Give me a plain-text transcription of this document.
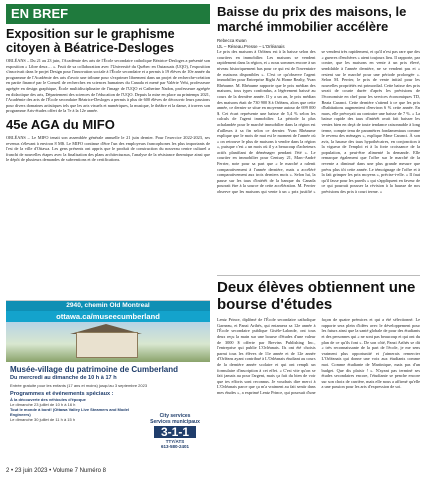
EN BREF
Exposition sur le graphisme citoyen à Béatrice-Desloges

ORLÉANS – Du 21 au 23 juin, l'Académie des arts de l'École secondaire catholique Béatrice-Desloges a présenté son exposition « Libre deux… ». Fruit de sa collaboration avec l'Université du Québec en Outaouais (UQO), l'exposition s'inscrivait dans le projet Design pour l'innovation sociale à l'École secondaire et a permis à 19 élèves de 10e année du programme de l'Académie des arts d'avoir une tribune pour s'exprimer librement dans un projet de recherche-création en partie financé par le Conseil de recherches en sciences humaines du Canada et mené par Valérie Vehi, professeure agrégée en design graphique, École multidisciplinaire de l'image de l'UQO et Catherine Nadon, professeure agrégée en didactique des arts, Département des sciences de l'éducation de l'UQO. Depuis la mise en place au printemps 2021, l'Académie des arts de l'École secondaire Béatrice-Desloges a permis à plus de 600 élèves de découvrir leurs passions pour divers domaines artistiques tels que les arts visuels et numériques, la musique, le théâtre et la danse, à travers son programme Arts-études offert de la 7e à la 12e année.

45e AGA du MIFO

ORLÉANS – Le MIFO tenait son assemblée générale annuelle le 21 juin dernier. Pour l'exercice 2022-2023, ses revenus s'élevant à environ 8 M$. Le MIFO continue d'être l'un des employeurs francophones les plus importants de l'est de la ville d'Ottawa. Les gens présents ont appris que le produit de construction du nouveau centre culturel a franchi de nouvelles étapes avec la finalisation des plans architecturaux, l'analyse de la résistance thermique ainsi que le dépôt de plusieurs demandes de subventions et de certifications.

2940, chemin Old Montreal
ottawa.ca/museecumberland
Musée-village du patrimoine de Cumberland
Du mercredi au dimanche de 10 h à 17 h
Entrée gratuite pour les enfants (17 ans et moins) jusqu'au 3 septembre 2023
Programmes et événements spéciaux :
À la découverte des véhicules d'époque
Le dimanche 23 juillet de 10 h à 16 h
Tout le monde à bord! (Ottawa Valley Live Steamers and Model Engineers)
Le dimanche 30 juillet de 11 h à 15 h
City services
Services municipaux
3-1-1
TTY/ATS
613-580-2401
Baisse du prix des maisons, le marché immobilier accélère

Rebecca Kwan

IJL – Réseau.Presse – L'Orléanais

Le prix des maisons à Orléans est à la baisse selon des courtiers en immobilier. Les maisons se vendent rapidement dans la région, et « nous sommes encore à un niveau historiquement bas pour ce qui est de l'inventaire de maisons disponibles ». C'est ce qu'observe l'agent immobilier pour Entreprise Right At Home Realty, Yvan Rhéaume. M. Rhéaume rapporte que le prix médian des maisons, tous types confondus, a légèrement baissé au cours de la dernière année. Il y a un an, le prix médian des maisons était de 730 900 $ à Orléans, alors que cette année, ce dernier se situe en moyenne autour de 699 000 $. Cet écart représente une baisse de 5,4 % selon les calculs de l'agent immobilier. La période la plus achalandée pour le marché immobilier dans la région est d'ailleurs à sa fin selon ce dernier. Yvan Rhéaume explique que le mois de mai est le moment de l'année où « on retrouve le plus de maisons à vendre dans la région », puisque c'est « un mois où il y a beaucoup d'acheteurs actifs planifiant de déménager pendant l'été ». Le courtier en immobilier pour Century 21, Marc-André Ferrier, note pour sa part que « le marché a ralenti comparativement à l'année dernière, mais a accéléré comparativement aux trois derniers mois ». Selon lui, la pause sur les taux d'intérêt de la banque du Canada pourrait être à la source de cette accélération. M. Ferrier observe que les maisons qui vente à un « prix justifié » se vendent très rapidement, et qu'il n'est pas rare que des « guerres d'enchères » aient toujours lieu. Il rapporte, par contre, que les maisons en vente à un prix élevé, semblable à l'année dernière, ne se vendent pas et « restent sur le marché pour une période prolongée ». Selon M. Perrier, le prix de vente initial pour les nouvelles propriétés est primordial. Cette baisse des prix serait de courte durée d'après les prévisions de l'économiste en chef pour les services économiques TD, Beata Caranci. Cette dernière s'attend à ce que les prix d'habitations augmentent d'environ 6 % cette année. En mars, elle prévoyait au contraire une baisse de 7 %. « La baisse rapide des taux d'intérêt avait fait baisser les ventes bien en deçà de toute tendance raisonnable à long terme, compte tenu de paramètres fondamentaux comme le revenu des ménages », explique Mme Caranci. À son avis, la hausse des taux hypothécaires, en conjonction à la vigueur de l'emploi et à la forte croissance de la population, a peut-être alimenté la demande. Elle remarque également que l'offre sur le marché de la revente a diminué dans une plus grande mesure que prévu plus tôt cette année. Le témoignage de l'offre et à la fait grimper les prix moyens », précise-t-elle. « Il faut qu'il fasse pour les pareils » qui s'appliquent en faveur de ce qui pourrait pousser la révision à la hausse de nos prévisions des prix à court terme. »

Deux élèves obtiennent une bourse d'études

Lentz Prince, diplômé de l'École secondaire catholique Garneau, et Panzi Arthés, qui entamera sa 12e année à l'École secondaire publique Gisèle-Lalonde, ont tous deux reçu la main sur une bourse d'études d'une valeur de 3000 $ offerte par Brevins Publishing Inc., l'entreprise qui publie L'Orléanais. Ils ont été choisis parmi tous les élèves de 11e année et de 12e année d'Orléans ayant contribué à L'Orléanais étudiant au cours de la dernière année scolaire et qui ont rempli un formulaire d'inscription à cet effet. « C'est vite qu'on se fait jamais au pour l'argent, mais ça fait du bien de voir que tes efforts sont reconnus. Je voudrais dire merci à L'Orléanais parce que ça m'a vraiment au fait sentir dans mes études », a exprimé Lentz Prince, qui poursuit d'une façon de quatre prémices et qui a été sélectionné. Le rapporte sera plein d'idées avec le développement pour les futurs ainsi que la santé globale de pour des étudiants et des personnes qui « ne sont pas beaucoup et qui ont du plan de ce qu'ils font ». De son côté, Panzi Arthés se dit « très reconnaissante de la part de l'école, je me sens vraiment plus opportunité et j'aimerais remercier L'Orléanais qui donne une voix aux étudiants comme moi. Comme étudiante de Martinique, mais pas d'un budget. Que dis plaisir ! ». N'ayant pas terminé ses études secondaires encore, l'étudiante se penche encore sur son choix de carrière, mais elle nous a affirmé qu'elle a une passion pour les arts d'expression de soi.

2 • 23 juin 2023 • Volume 7 Numéro 8
